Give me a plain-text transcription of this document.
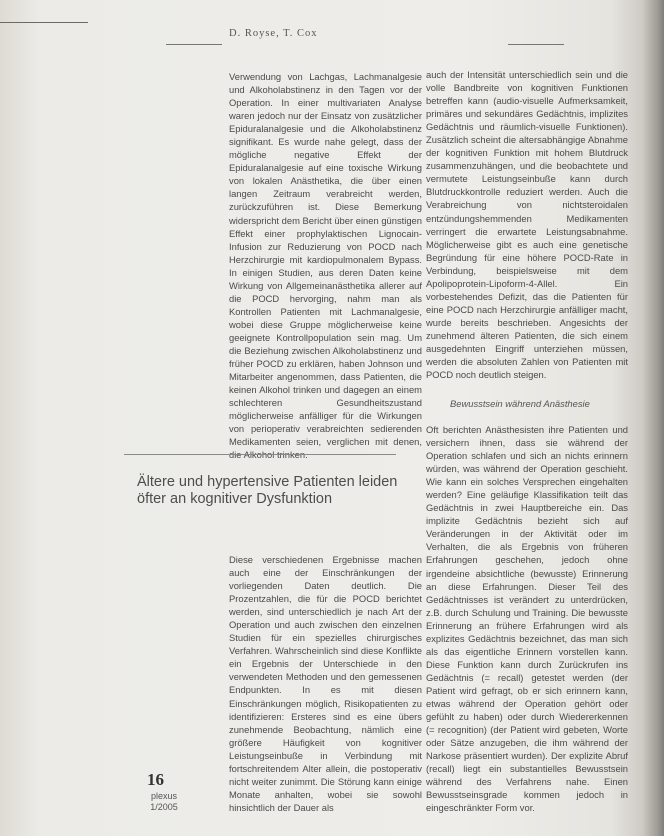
D. Royse, T. Cox

Verwendung von Lachgas, Lachmanalgesie und Alkoholabstinenz in den Tagen vor der Operation. In einer multivariaten Analyse waren jedoch nur der Einsatz von zusätzlicher Epiduralanalgesie und die Alkoholabstinenz signifikant. Es wurde nahe gelegt, dass der mögliche negative Effekt der Epiduralanalgesie auf eine toxische Wirkung von lokalen Anästhetika, die über einen langen Zeitraum verabreicht werden, zurückzuführen ist. Diese Bemerkung widerspricht dem Bericht über einen günstigen Effekt einer prophylaktischen Lignocain-Infusion zur Reduzierung von POCD nach Herzchirurgie mit kardiopulmonalem Bypass. In einigen Studien, aus deren Daten keine Wirkung von Allgemeinanästhetika allerer auf die POCD hervorging, nahm man als Kontrollen Patienten mit Lachmanalgesie, wobei diese Gruppe möglicherweise keine geeignete Kontrollpopulation sein mag. Um die Beziehung zwischen Alkoholabstinenz und früher POCD zu erklären, haben Johnson und Mitarbeiter angenommen, dass Patienten, die keinen Alkohol trinken und dagegen an einem schlechteren Gesundheitszustand möglicherweise anfälliger für die Wirkungen von perioperativ verabreichten sedierenden Medikamenten seien, verglichen mit denen,

Ältere und hypertensive Patienten leiden öfter an kognitiver Dysfunktion

Diese verschiedenen Ergebnisse machen auch eine der Einschränkungen der vorliegenden Daten deutlich. Die Prozentzahlen, die für die POCD berichtet werden, sind unterschiedlich je nach Art der Operation und auch zwischen den einzelnen Studien für ein spezielles chirurgisches Verfahren. Wahrscheinlich sind diese Konflikte ein Ergebnis der Unterschiede in den verwendeten Methoden und den gemessenen Endpunkten. In es mit diesen Einschränkungen möglich, Risikopatienten zu identifizieren: Ersteres sind es eine übers zunehmende Beobachtung, nämlich eine größere Häufigkeit von kognitiver Leistungseinbuße in Verbindung mit fortschreitendem Alter allein, die postoperativ nicht weiter zunimmt. Die Störung kann einige Monate anhalten, wobei sie sowohl hinsichtlich der Dauer als

auch der Intensität unterschiedlich sein und die volle Bandbreite von kognitiven Funktionen betreffen kann (audio-visuelle Aufmerksamkeit, primäres und sekundäres Gedächtnis, implizites Gedächtnis und räumlich-visuelle Funktionen). Zusätzlich scheint die altersabhängige Abnahme der kognitiven Funktion mit hohem Blutdruck zusammenzuhängen, und die beobachtete und vermutete Leistungseinbuße kann durch Blutdruckkontrolle reduziert werden. Auch die Verabreichung von nichtsteroidalen entzündungshemmenden Medikamenten verringert die erwartete Leistungsabnahme. Möglicherweise gibt es auch eine genetische Begründung für eine höhere POCD-Rate in Verbindung, beispielsweise mit dem Apolipoprotein-Lipoform-4-Allel. Ein vorbestehendes Defizit, das die Patienten für eine POCD nach Herzchirurgie anfälliger macht, wurde bereits beschrieben. Angesichts der zunehmend älteren Patienten, die sich einem ausgedehnten Eingriff unterziehen müssen, werden die absoluten Zahlen von Patienten mit POCD noch deutlich steigen.

Bewusstsein während Anästhesie

Oft berichten Anästhesisten ihre Patienten und versichern ihnen, dass sie während der Operation schlafen und sich an nichts erinnern würden, was während der Operation geschieht. Wie kann ein solches Versprechen eingehalten werden? Eine geläufige Klassifikation teilt das Gedächtnis in zwei Hauptbereiche ein. Das implizite Gedächtnis bezieht sich auf Veränderungen in der Aktivität oder im Verhalten, die als Ergebnis von früheren Erfahrungen geschehen, jedoch ohne irgendeine absichtliche (bewusste) Erinnerung an diese Erfahrungen. Dieser Teil des Gedächtnisses ist verändert zu unterdrücken, z.B. durch Schulung und Training. Die bewusste Erinnerung an frühere Erfahrungen wird als explizites Gedächtnis bezeichnet, das man sich als das eigentliche Erinnern vorstellen kann. Diese Funktion kann durch Zurückrufen ins Gedächtnis (= recall) getestet werden (der Patient wird gefragt, ob er sich erinnern kann, etwas während der Operation gehört oder gefühlt zu haben) oder durch Wiedererkennen (= recognition) (der Patient wird gebeten, Worte oder Sätze anzugeben, die ihm während der Narkose präsentiert wurden). Der explizite Abruf (recall) liegt ein substantielles Bewusstsein während des Verfahrens nahe. Einen Bewusstseinsgrade kommen jedoch in eingeschränkter Form vor.

16
plexus
1/2005
